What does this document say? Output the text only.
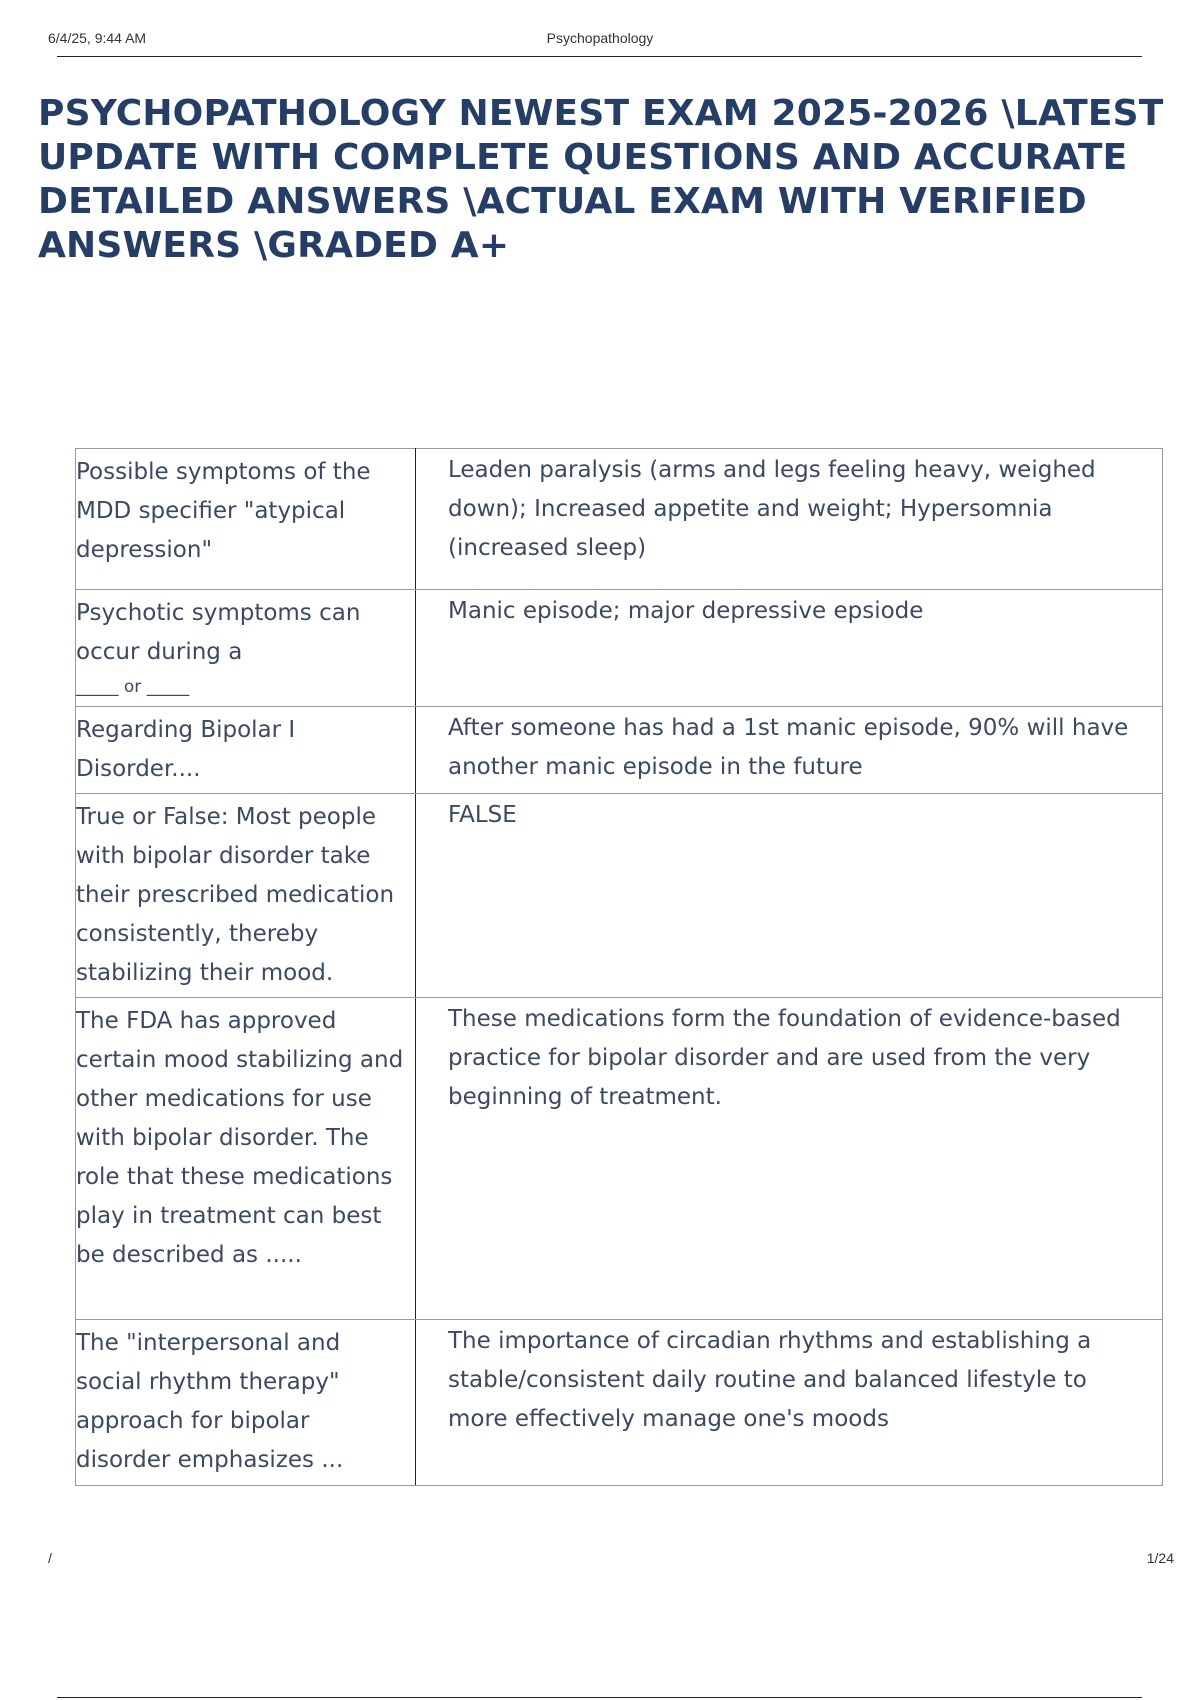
6/4/25, 9:44 AM	Psychopathology
PSYCHOPATHOLOGY NEWEST EXAM 2025-2026 \LATEST UPDATE WITH COMPLETE QUESTIONS AND ACCURATE DETAILED ANSWERS \ACTUAL EXAM WITH VERIFIED ANSWERS \GRADED A+
Possible symptoms of the MDD specifier "atypical depression"	Leaden paralysis (arms and legs feeling heavy, weighed down); Increased appetite and weight; Hypersomnia (increased sleep)

Psychotic symptoms can occur during a
_____ or _____	Manic episode; major depressive epsiode
Regarding Bipolar I Disorder....	After someone has had a 1st manic episode, 90% will have another manic episode in the future
True or False: Most people with bipolar disorder take their prescribed medication consistently, thereby stabilizing their mood.	FALSE
The FDA has approved certain mood stabilizing and other medications for use with bipolar disorder. The role that these medications play in treatment can best be described as .....	These medications form the foundation of evidence-based practice for bipolar disorder and are used from the very beginning of treatment.
The "interpersonal and social rhythm therapy" approach for bipolar disorder emphasizes ...	The importance of circadian rhythms and establishing a stable/consistent daily routine and balanced lifestyle to more effectively manage one's moods
/	1/24
